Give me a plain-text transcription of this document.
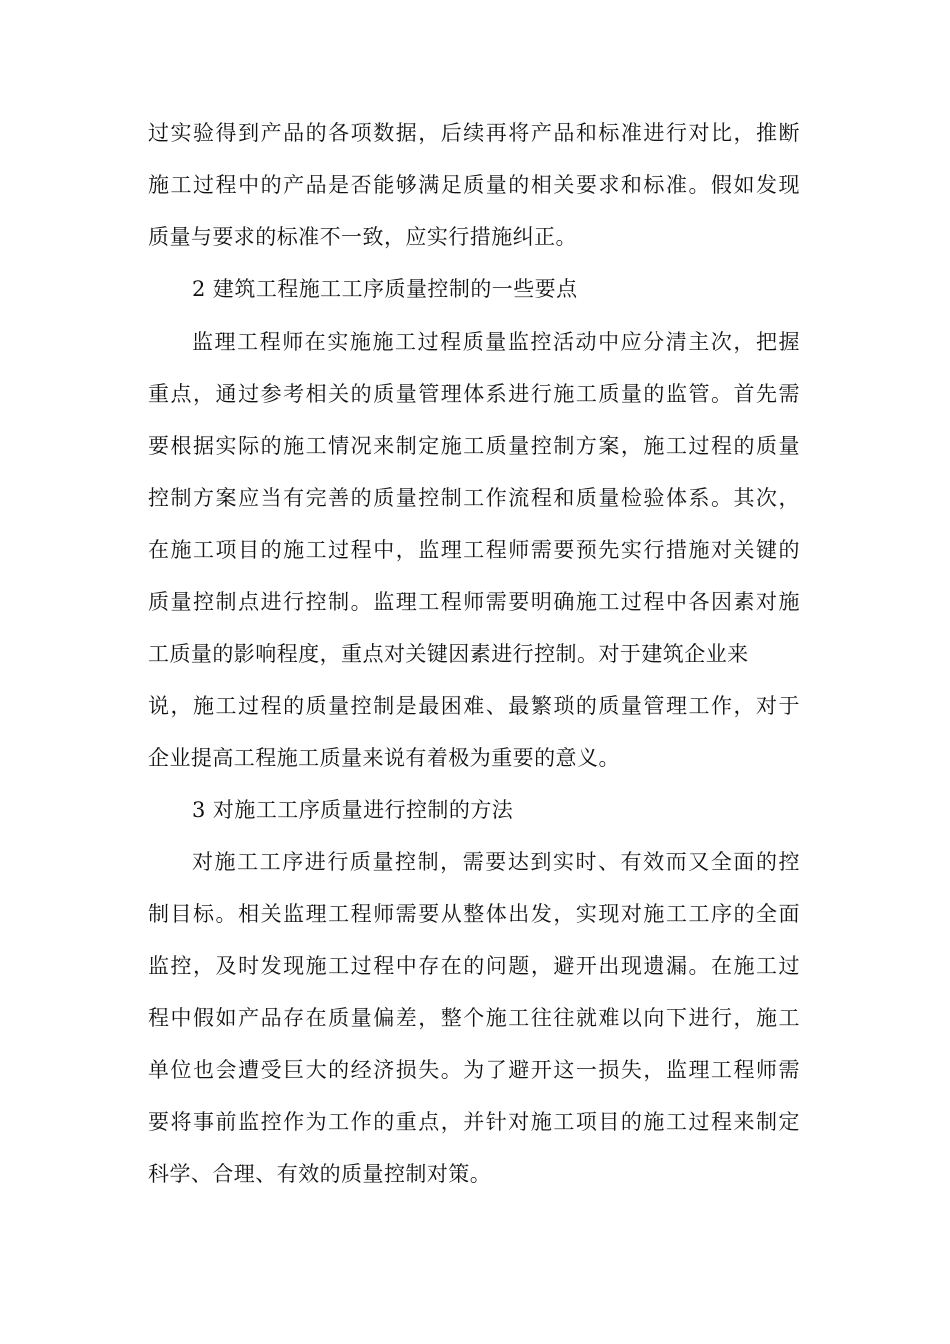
过实验得到产品的各项数据，后续再将产品和标准进行对比，推断
施工过程中的产品是否能够满足质量的相关要求和标准。假如发现
质量与要求的标准不一致，应实行措施纠正。
2 建筑工程施工工序质量控制的一些要点
监理工程师在实施施工过程质量监控活动中应分清主次，把握
重点，通过参考相关的质量管理体系进行施工质量的监管。首先需
要根据实际的施工情况来制定施工质量控制方案，施工过程的质量
控制方案应当有完善的质量控制工作流程和质量检验体系。其次，
在施工项目的施工过程中，监理工程师需要预先实行措施对关键的
质量控制点进行控制。监理工程师需要明确施工过程中各因素对施
工质量的影响程度，重点对关键因素进行控制。对于建筑企业来
说，施工过程的质量控制是最困难、最繁琐的质量管理工作，对于
企业提高工程施工质量来说有着极为重要的意义。
3 对施工工序质量进行控制的方法
对施工工序进行质量控制，需要达到实时、有效而又全面的控
制目标。相关监理工程师需要从整体出发，实现对施工工序的全面
监控，及时发现施工过程中存在的问题，避开出现遗漏。在施工过
程中假如产品存在质量偏差，整个施工往往就难以向下进行，施工
单位也会遭受巨大的经济损失。为了避开这一损失，监理工程师需
要将事前监控作为工作的重点，并针对施工项目的施工过程来制定
科学、合理、有效的质量控制对策。
